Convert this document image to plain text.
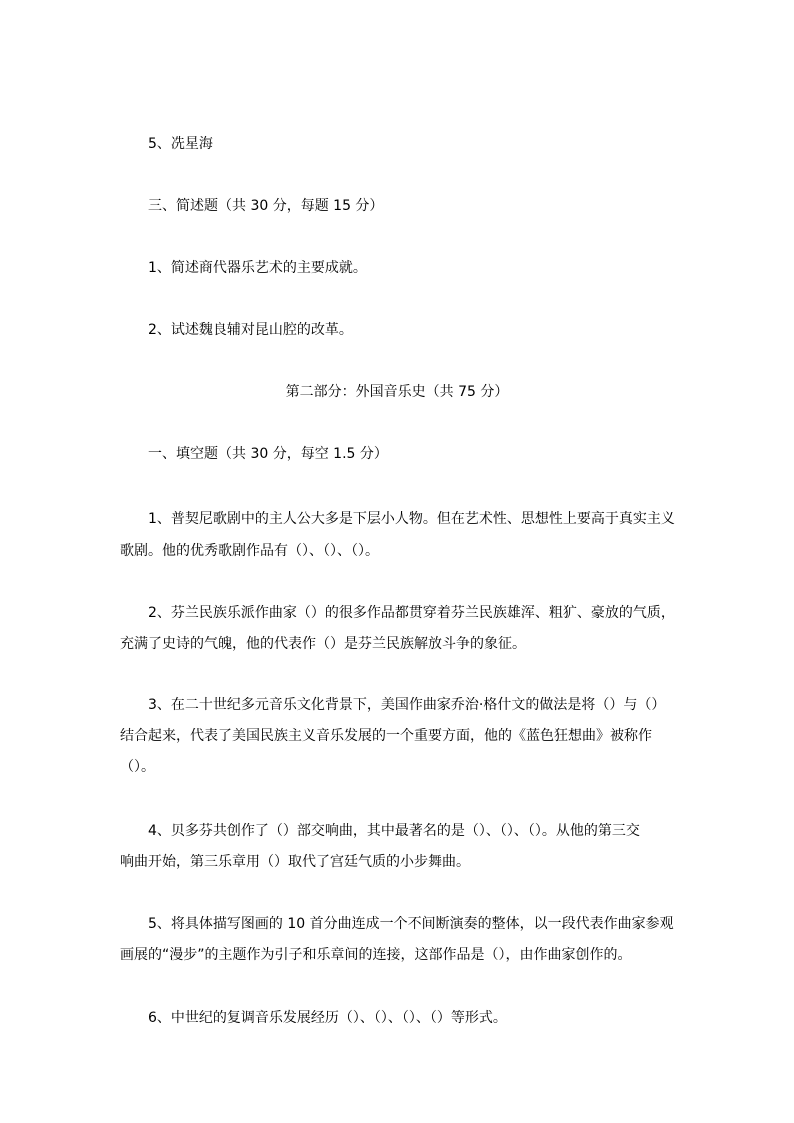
5、冼星海

三、简述题（共 30 分，每题 15 分）

1、简述商代器乐艺术的主要成就。

2、试述魏良辅对昆山腔的改革。

第二部分：外国音乐史（共 75 分）

一、填空题（共 30 分，每空 1.5 分）

1、普契尼歌剧中的主人公大多是下层小人物。但在艺术性、思想性上要高于真实主义

歌剧。他的优秀歌剧作品有（）、（）、（）。

2、芬兰民族乐派作曲家（）的很多作品都贯穿着芬兰民族雄浑、粗犷、豪放的气质，

充满了史诗的气魄，他的代表作（）是芬兰民族解放斗争的象征。

3、在二十世纪多元音乐文化背景下，美国作曲家乔治·格什文的做法是将（）与（）

结合起来，代表了美国民族主义音乐发展的一个重要方面，他的《蓝色狂想曲》被称作

（）。

4、贝多芬共创作了（）部交响曲，其中最著名的是（）、（）、（）。从他的第三交

响曲开始，第三乐章用（）取代了宫廷气质的小步舞曲。

5、将具体描写图画的 10 首分曲连成一个不间断演奏的整体，以一段代表作曲家参观

画展的“漫步”的主题作为引子和乐章间的连接，这部作品是（），由作曲家创作的。

6、中世纪的复调音乐发展经历（）、（）、（）、（）等形式。
